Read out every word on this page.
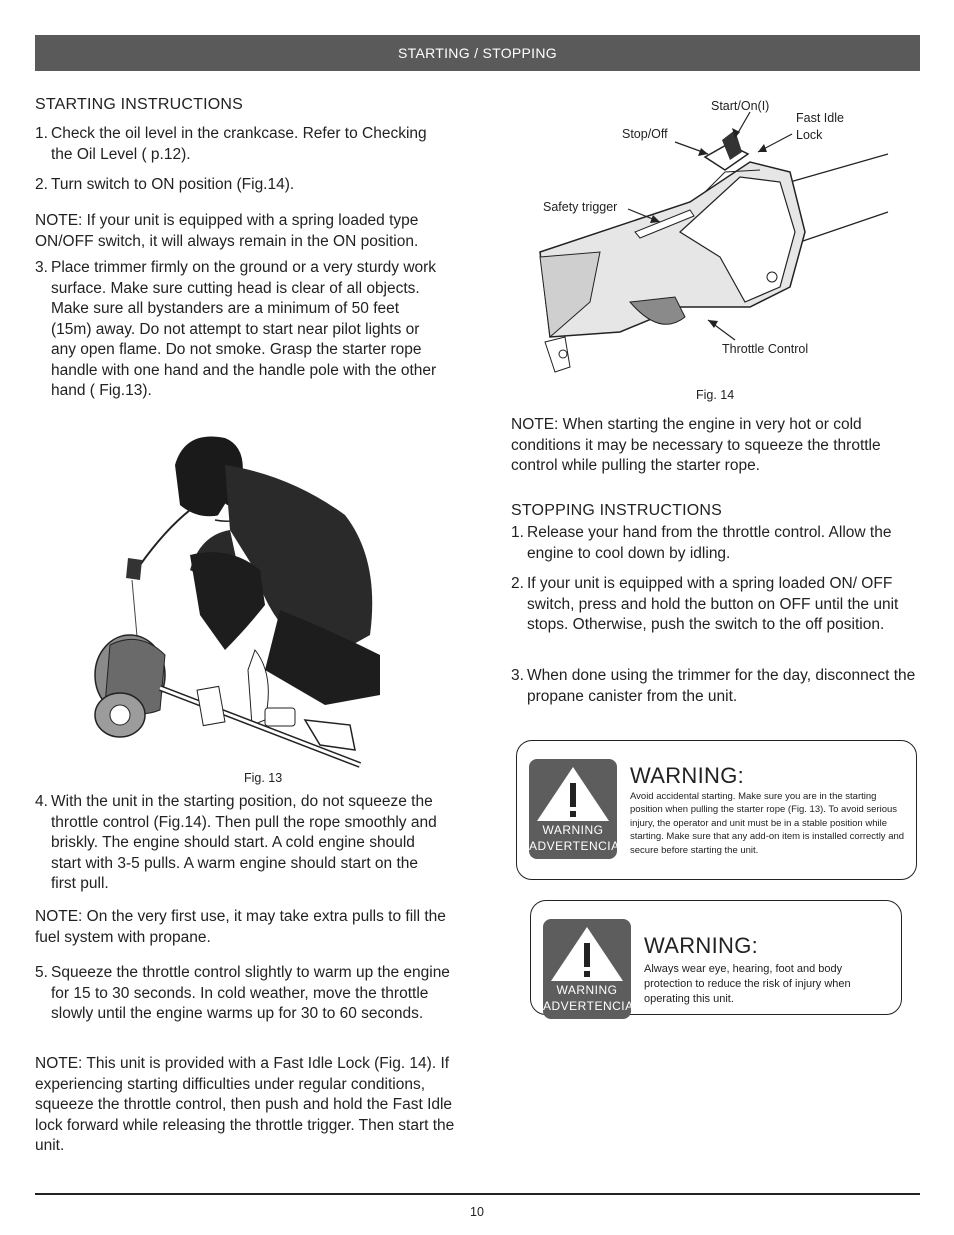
STARTING / STOPPING
STARTING INSTRUCTIONS
1. Check the oil level in the crankcase. Refer to Checking the Oil Level ( p.12).
2. Turn switch to ON position (Fig.14).
NOTE: If your unit is equipped with a spring loaded type ON/OFF switch, it will always remain in the ON position.
3. Place trimmer firmly on the ground or a very sturdy work surface. Make sure cutting head is clear of all objects. Make sure all bystanders are a minimum of 50 feet (15m) away. Do not attempt to start near pilot lights or any open flame. Do not smoke. Grasp the starter rope handle with one hand and the handle pole with the other hand ( Fig.13).
Fig. 13
4. With the unit in the starting position, do not squeeze the throttle control (Fig.14). Then pull the rope smoothly and briskly. The engine should start. A cold engine should start with 3-5 pulls. A warm engine should start on the first pull.
NOTE: On the very first use, it may take extra pulls to fill the fuel system with propane.
5. Squeeze the throttle control slightly to warm up the engine for 15 to 30 seconds. In cold weather, move the throttle slowly until the engine warms up for 30 to 60 seconds.
NOTE: This unit is provided with a Fast Idle Lock (Fig. 14). If experiencing starting difficulties under regular conditions, squeeze the throttle control, then push and hold the Fast Idle lock forward while releasing the throttle trigger. Then start the unit.
Start/On(I)
Fast Idle
Lock
Stop/Off
Safety trigger
Throttle Control
Fig. 14
NOTE: When starting the engine in very hot or cold conditions it may be necessary to squeeze the throttle control while pulling the starter rope.
STOPPING INSTRUCTIONS
1. Release your hand from the throttle control. Allow the engine to cool down by idling.
2. If your unit is equipped with a spring loaded ON/ OFF switch, press and hold the button on OFF until the unit stops. Otherwise, push the switch to the off position.
3. When done using the trimmer for the day, disconnect the propane canister from the unit.
WARNING
ADVERTENCIA
WARNING:
Avoid accidental starting. Make sure you are in the starting position when pulling the starter rope (Fig. 13). To avoid serious injury, the operator and unit must be in a stable position while starting. Make sure that any add-on item is installed correctly and secure before starting the unit.
WARNING
ADVERTENCIA
WARNING:
Always wear eye, hearing, foot and body protection to reduce the risk of injury when operating this unit.
10
